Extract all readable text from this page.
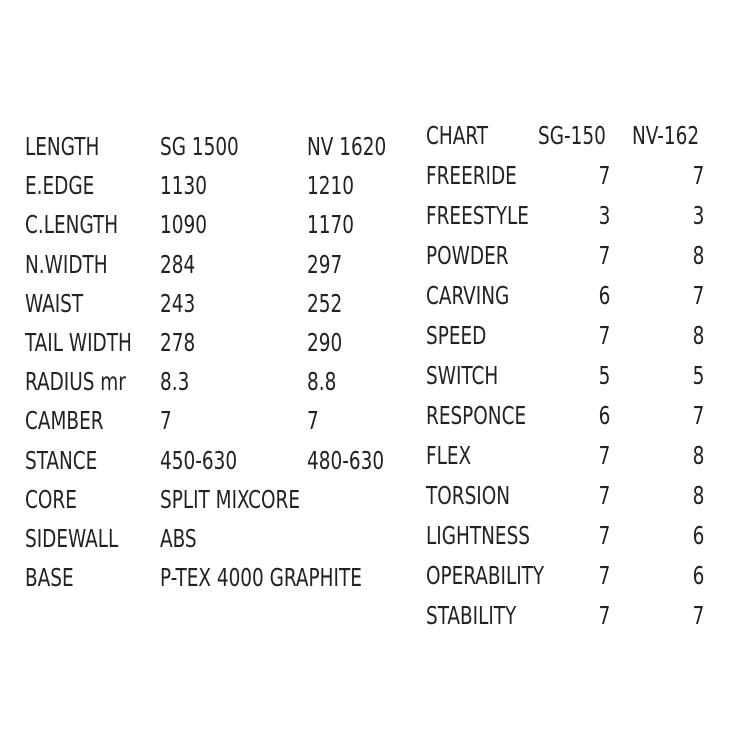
LENGTH SG 1500	NV 1620
E.EDGE	1130	1210
C.LENGTH 1090	1170
N.WIDTH 284	297
WAIST	243	252
TAIL WIDTH 278	290
RADIUS mr 8.3	8.8
CAMBER 7	7
STANCE	450-630	480-630
CORE	SPLIT MIXCORE
SIDEWALL ABS
BASE	P-TEX 4000 GRAPHITE
CHART SG-150 NV-162
FREERIDE	7	7
FREESTYLE	3	3
POWDER	7	8
CARVING	6	7
SPEED	7	8
SWITCH	5	5
RESPONCE	6	7
FLEX	7	8
TORSION	7	8
LIGHTNESS	7	6
OPERABILITY 7	6
STABILITY	7	7
